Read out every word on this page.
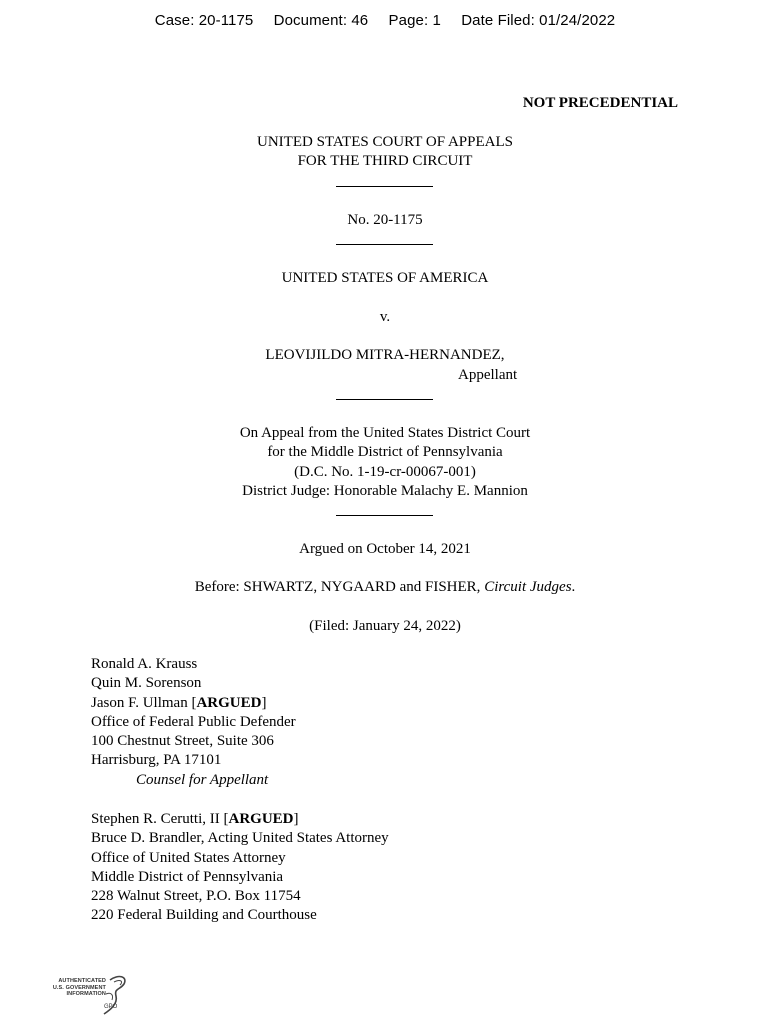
Case: 20-1175 Document: 46 Page: 1 Date Filed: 01/24/2022
NOT PRECEDENTIAL
UNITED STATES COURT OF APPEALS
FOR THE THIRD CIRCUIT
No. 20-1175
UNITED STATES OF AMERICA
v.
LEOVIJILDO MITRA-HERNANDEZ,
Appellant
On Appeal from the United States District Court
for the Middle District of Pennsylvania
(D.C. No. 1-19-cr-00067-001)
District Judge: Honorable Malachy E. Mannion
Argued on October 14, 2021
Before: SHWARTZ, NYGAARD and FISHER, Circuit Judges.
(Filed: January 24, 2022)
Ronald A. Krauss
Quin M. Sorenson
Jason F. Ullman [ARGUED]
Office of Federal Public Defender
100 Chestnut Street, Suite 306
Harrisburg, PA 17101
Counsel for Appellant
Stephen R. Cerutti, II [ARGUED]
Bruce D. Brandler, Acting United States Attorney
Office of United States Attorney
Middle District of Pennsylvania
228 Walnut Street, P.O. Box 11754
220 Federal Building and Courthouse
AUTHENTICATED
U.S. GOVERNMENT
INFORMATION
GPO
